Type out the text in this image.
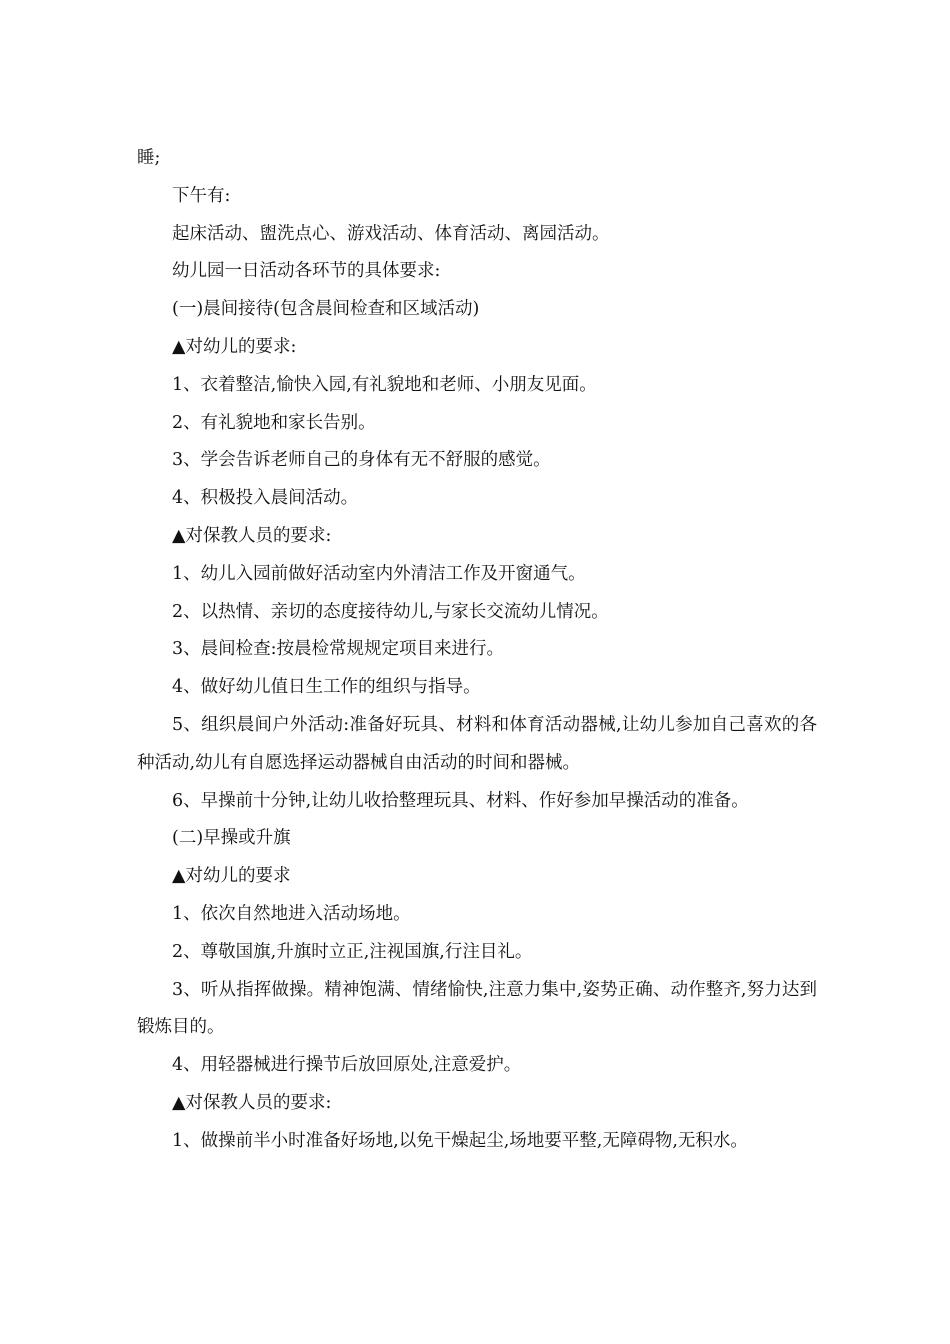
睡;

下午有:

起床活动、盥洗点心、游戏活动、体育活动、离园活动。

幼儿园一日活动各环节的具体要求:

(一)晨间接待(包含晨间检查和区域活动)

▲对幼儿的要求:

1、衣着整洁,愉快入园,有礼貌地和老师、小朋友见面。

2、有礼貌地和家长告别。

3、学会告诉老师自己的身体有无不舒服的感觉。

4、积极投入晨间活动。

▲对保教人员的要求:

1、幼儿入园前做好活动室内外清洁工作及开窗通气。

2、以热情、亲切的态度接待幼儿,与家长交流幼儿情况。

3、晨间检查:按晨检常规规定项目来进行。

4、做好幼儿值日生工作的组织与指导。

5、组织晨间户外活动:准备好玩具、材料和体育活动器械,让幼儿参加自己喜欢的各种活动,幼儿有自愿选择运动器械自由活动的时间和器械。

6、早操前十分钟,让幼儿收拾整理玩具、材料、作好参加早操活动的准备。

(二)早操或升旗

▲对幼儿的要求

1、依次自然地进入活动场地。

2、尊敬国旗,升旗时立正,注视国旗,行注目礼。

3、听从指挥做操。精神饱满、情绪愉快,注意力集中,姿势正确、动作整齐,努力达到锻炼目的。

4、用轻器械进行操节后放回原处,注意爱护。

▲对保教人员的要求:

1、做操前半小时准备好场地,以免干燥起尘,场地要平整,无障碍物,无积水。
